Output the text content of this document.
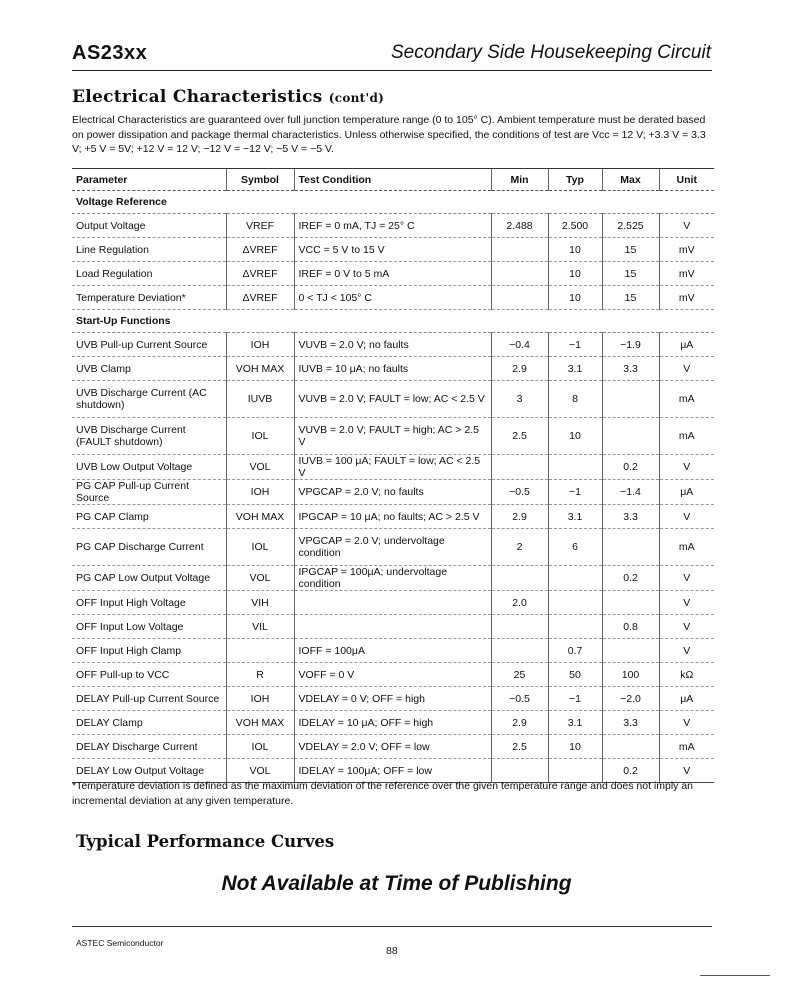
AS23xx	Secondary Side Housekeeping Circuit
Electrical Characteristics (cont'd)
Electrical Characteristics are guaranteed over full junction temperature range (0 to 105° C). Ambient temperature must be derated based on power dissipation and package thermal characteristics. Unless otherwise specified, the conditions of test are Vcc = 12 V; +3.3 V = 3.3 V; +5 V = 5V; +12 V = 12 V; −12 V = −12 V; −5 V = −5 V.
Parameter	Symbol	Test Condition	Min	Typ	Max	Unit
Voltage Reference						
Output Voltage	VREF	IREF = 0 mA, TJ = 25° C	2.488	2.500	2.525	V
Line Regulation	ΔVREF	VCC = 5 V to 15 V		10	15	mV
Load Regulation	ΔVREF	IREF = 0 V to 5 mA		10	15	mV
Temperature Deviation*	ΔVREF	0 < TJ < 105° C		10	15	mV
Start-Up Functions						
UVB Pull-up Current Source	IOH	VUVB = 2.0 V; no faults	−0.4	−1	−1.9	μA
UVB Clamp	VOH MAX	IUVB = 10 μA; no faults	2.9	3.1	3.3	V
UVB Discharge Current (AC shutdown)	IUVB	VUVB = 2.0 V; FAULT = low; AC < 2.5 V	3	8		mA
UVB Discharge Current (FAULT shutdown)	IOL	VUVB = 2.0 V; FAULT = high; AC > 2.5 V	2.5	10		mA
UVB Low Output Voltage	VOL	IUVB = 100 μA; FAULT = low; AC < 2.5 V			0.2	V
PG CAP Pull-up Current Source	IOH	VPGCAP = 2.0 V; no faults	−0.5	−1	−1.4	μA
PG CAP Clamp	VOH MAX	IPGCAP = 10 μA; no faults; AC > 2.5 V	2.9	3.1	3.3	V
PG CAP Discharge Current	IOL	VPGCAP = 2.0 V; undervoltage condition	2	6		mA
PG CAP Low Output Voltage	VOL	IPGCAP = 100μA; undervoltage condition			0.2	V
OFF Input High Voltage	VIH		2.0			V
OFF Input Low Voltage	VIL				0.8	V
OFF Input High Clamp		IOFF = 100μA		0.7		V
OFF Pull-up to VCC	R	VOFF = 0 V	25	50	100	kΩ
DELAY Pull-up Current Source	IOH	VDELAY = 0 V; OFF = high	−0.5	−1	−2.0	μA
DELAY Clamp	VOH MAX	IDELAY = 10 μA; OFF = high	2.9	3.1	3.3	V
DELAY Discharge Current	IOL	VDELAY = 2.0 V; OFF = low	2.5	10		mA
DELAY Low Output Voltage	VOL	IDELAY = 100μA; OFF = low			0.2	V
*Temperature deviation is defined as the maximum deviation of the reference over the given temperature range and does not imply an incremental deviation at any given temperature.
Typical Performance Curves
Not Available at Time of Publishing
ASTEC Semiconductor
88
